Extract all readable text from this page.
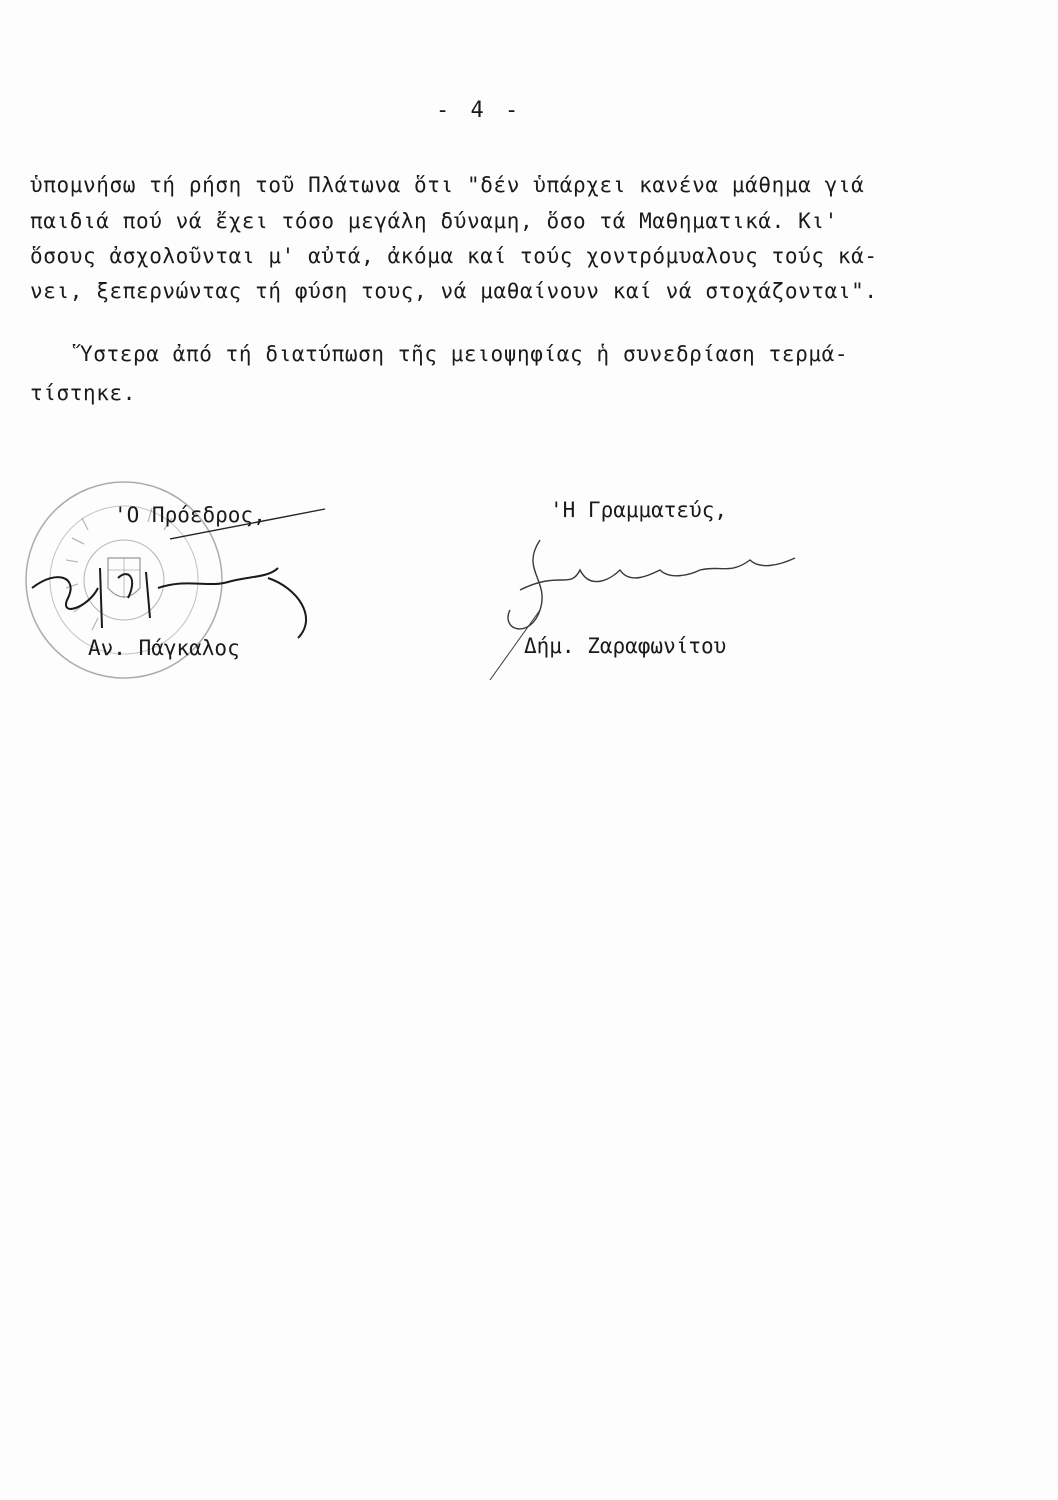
- 4 -
ὑπομνήσω τή ρήση τοῦ Πλάτωνα ὅτι "δέν ὑπάρχει κανένα μάθημα γιά
παιδιά πού νά ἔχει τόσο μεγάλη δύναμη, ὅσο τά Μαθηματικά. Κι'
ὅσους ἀσχολοῦνται μ' αὐτά, ἀκόμα καί τούς χοντρόμυαλους τούς κά-
νει, ξεπερνώντας τή φύση τους, νά μαθαίνουν καί νά στοχάζονται".
Ὕστερα ἀπό τή διατύπωση τῆς μειοψηφίας ἡ συνεδρίαση τερμά-
τίστηκε.
'Ο Πρόεδρος,
Αν. Πάγκαλος
'Η Γραμματεύς,
Δήμ. Ζαραφωνίτου
